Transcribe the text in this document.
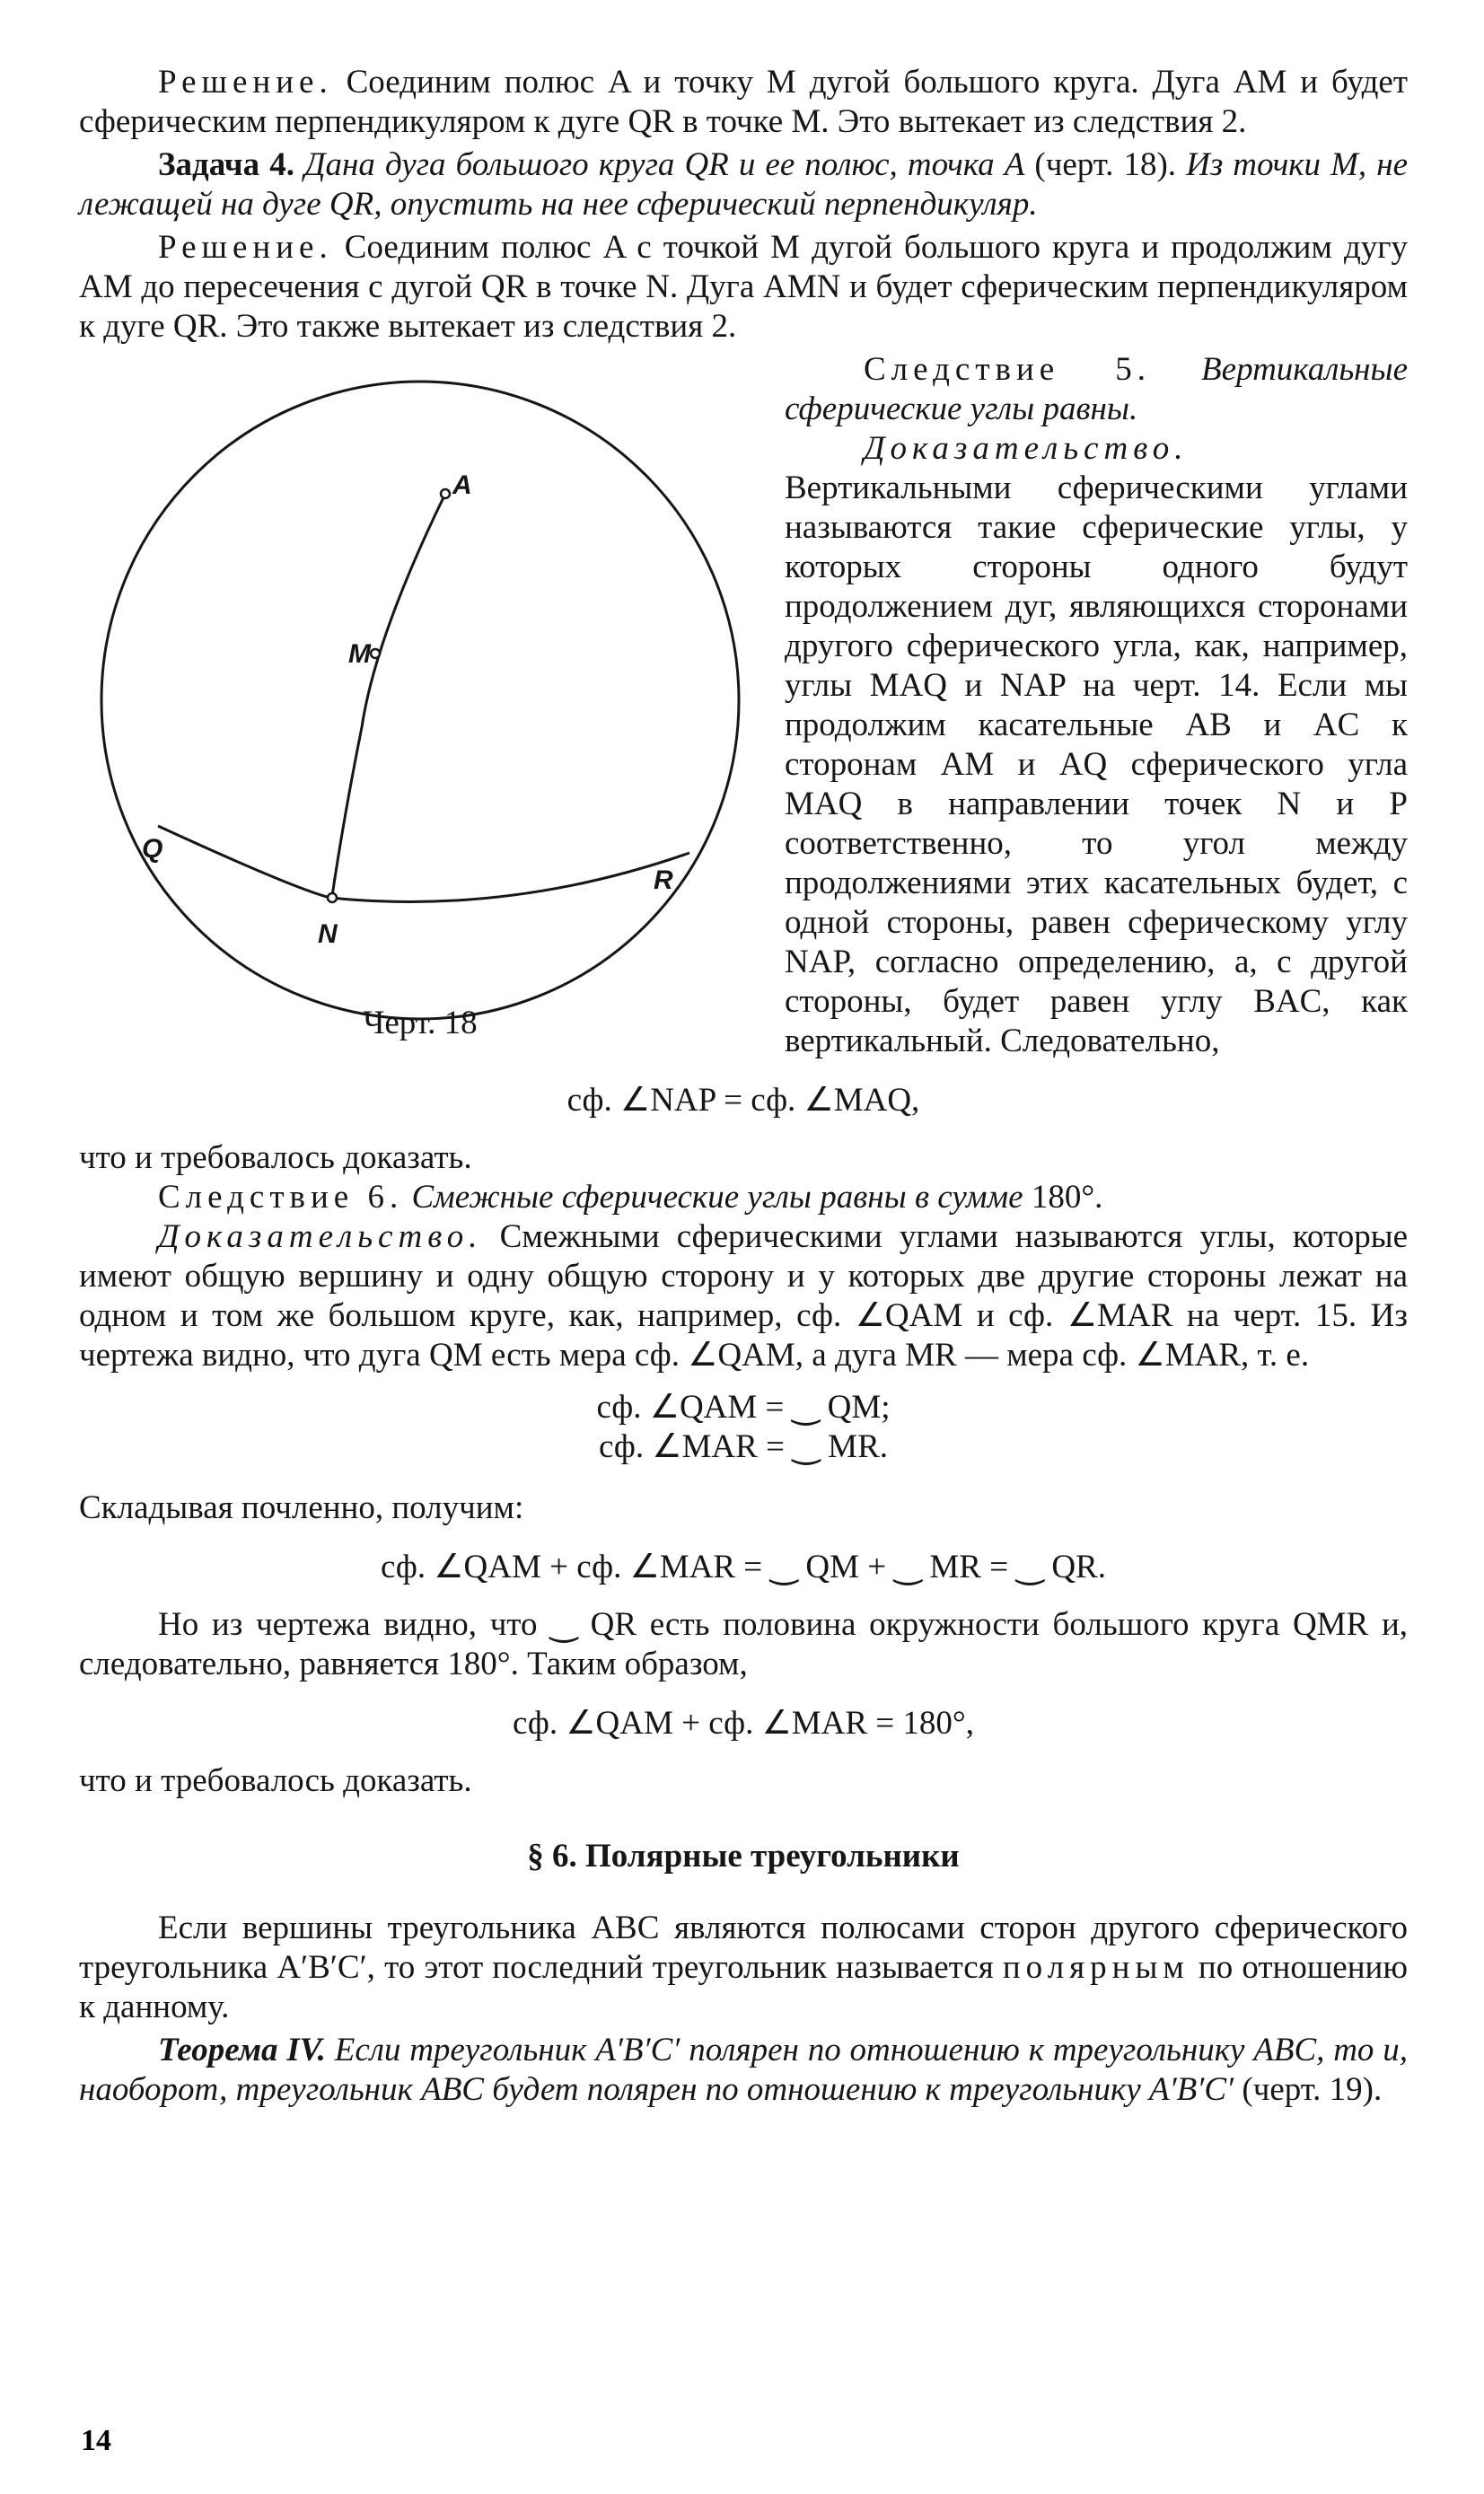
Решение. Соединим полюс A и точку M дугой большого круга. Дуга AM и будет сферическим перпендикуляром к дуге QR в точке M. Это вытекает из следствия 2.

Задача 4. Дана дуга большого круга QR и ее полюс, точка A (черт. 18). Из точки M, не лежащей на дуге QR, опустить на нее сферический перпендикуляр.

Решение. Соединим полюс A с точкой M дугой большого круга и продолжим дугу AM до пересечения с дугой QR в точке N. Дуга AMN и будет сферическим перпендикуляром к дуге QR. Это также вытекает из следствия 2.

A
M
Q
N
R
Черт. 18

Следствие 5. Вертикальные сферические углы равны.

Доказательство. Вертикальными сферическими углами называются такие сферические углы, у которых стороны одного будут продолжением дуг, являющихся сторонами другого сферического угла, как, например, углы MAQ и NAP на черт. 14. Если мы продолжим касательные AB и AC к сторонам AM и AQ сферического угла MAQ в направлении точек N и P соответственно, то угол между продолжениями этих касательных будет, с одной стороны, равен сферическому углу NAP, согласно определению, а, с другой стороны, будет равен углу BAC, как вертикальный. Следовательно,

сф. ∠NAP = сф. ∠MAQ,

что и требовалось доказать.

Следствие 6. Смежные сферические углы равны в сумме 180°.

Доказательство. Смежными сферическими углами называются углы, которые имеют общую вершину и одну общую сторону и у которых две другие стороны лежат на одном и том же большом круге, как, например, сф. ∠QAM и сф. ∠MAR на черт. 15. Из чертежа видно, что дуга QM есть мера сф. ∠QAM, а дуга MR — мера сф. ∠MAR, т. е.

сф. ∠QAM = ‿ QM;

сф. ∠MAR = ‿ MR.

Складывая почленно, получим:

сф. ∠QAM + сф. ∠MAR = ‿ QM + ‿ MR = ‿ QR.

Но из чертежа видно, что ‿ QR есть половина окружности большого круга QMR и, следовательно, равняется 180°. Таким образом,

сф. ∠QAM + сф. ∠MAR = 180°,

что и требовалось доказать.

§ 6. Полярные треугольники

Если вершины треугольника ABC являются полюсами сторон другого сферического треугольника A′B′C′, то этот последний треугольник называется полярным по отношению к данному.

Теорема IV. Если треугольник A′B′C′ полярен по отношению к треугольнику ABC, то и, наоборот, треугольник ABC будет полярен по отношению к треугольнику A′B′C′ (черт. 19).

14
